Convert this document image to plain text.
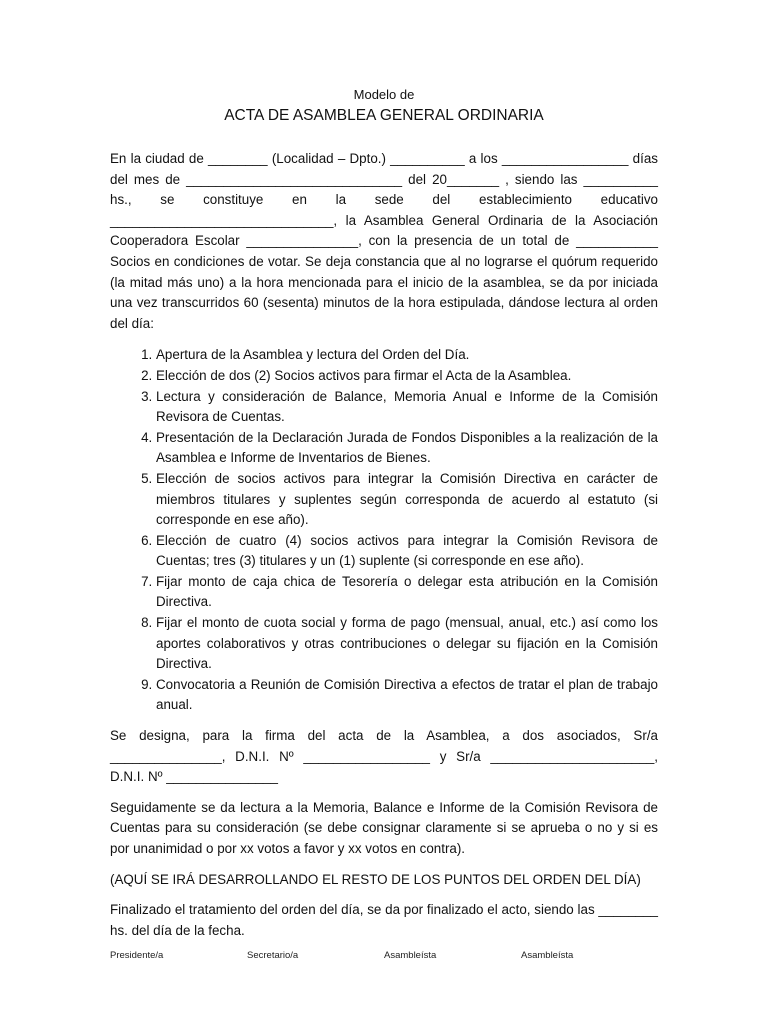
Modelo de

ACTA DE ASAMBLEA GENERAL ORDINARIA

En la ciudad de ________ (Localidad – Dpto.) __________ a los _________________ días del mes de _____________________________ del 20_______ , siendo las __________ hs., se constituye en la sede del establecimiento educativo ______________________________, la Asamblea General Ordinaria de la Asociación Cooperadora Escolar _______________, con la presencia de un total de ___________ Socios en condiciones de votar. Se deja constancia que al no lograrse el quórum requerido (la mitad más uno) a la hora mencionada para el inicio de la asamblea, se da por iniciada una vez transcurridos 60 (sesenta) minutos de la hora estipulada, dándose lectura al orden del día:

1. Apertura de la Asamblea y lectura del Orden del Día.
2. Elección de dos (2) Socios activos para firmar el Acta de la Asamblea.
3. Lectura y consideración de Balance, Memoria Anual e Informe de la Comisión Revisora de Cuentas.
4. Presentación de la Declaración Jurada de Fondos Disponibles a la realización de la Asamblea e Informe de Inventarios de Bienes.
5. Elección de socios activos para integrar la Comisión Directiva en carácter de miembros titulares y suplentes según corresponda de acuerdo al estatuto (si corresponde en ese año).
6. Elección de cuatro (4) socios activos para integrar la Comisión Revisora de Cuentas; tres (3) titulares y un (1) suplente (si corresponde en ese año).
7. Fijar monto de caja chica de Tesorería o delegar esta atribución en la Comisión Directiva.
8. Fijar el monto de cuota social y forma de pago (mensual, anual, etc.) así como los aportes colaborativos y otras contribuciones o delegar su fijación en la Comisión Directiva.
9. Convocatoria a Reunión de Comisión Directiva a efectos de tratar el plan de trabajo anual.

Se designa, para la firma del acta de la Asamblea, a dos asociados, Sr/a _______________, D.N.I. Nº _________________ y Sr/a ______________________, D.N.I. Nº _______________

Seguidamente se da lectura a la Memoria, Balance e Informe de la Comisión Revisora de Cuentas para su consideración (se debe consignar claramente si se aprueba o no y si es por unanimidad o por xx votos a favor y xx votos en contra).

(AQUÍ SE IRÁ DESARROLLANDO EL RESTO DE LOS PUNTOS DEL ORDEN DEL DÍA)

Finalizado el tratamiento del orden del día, se da por finalizado el acto, siendo las ________ hs. del día de la fecha.

Presidente/a	Secretario/a	Asambleísta	Asambleísta
